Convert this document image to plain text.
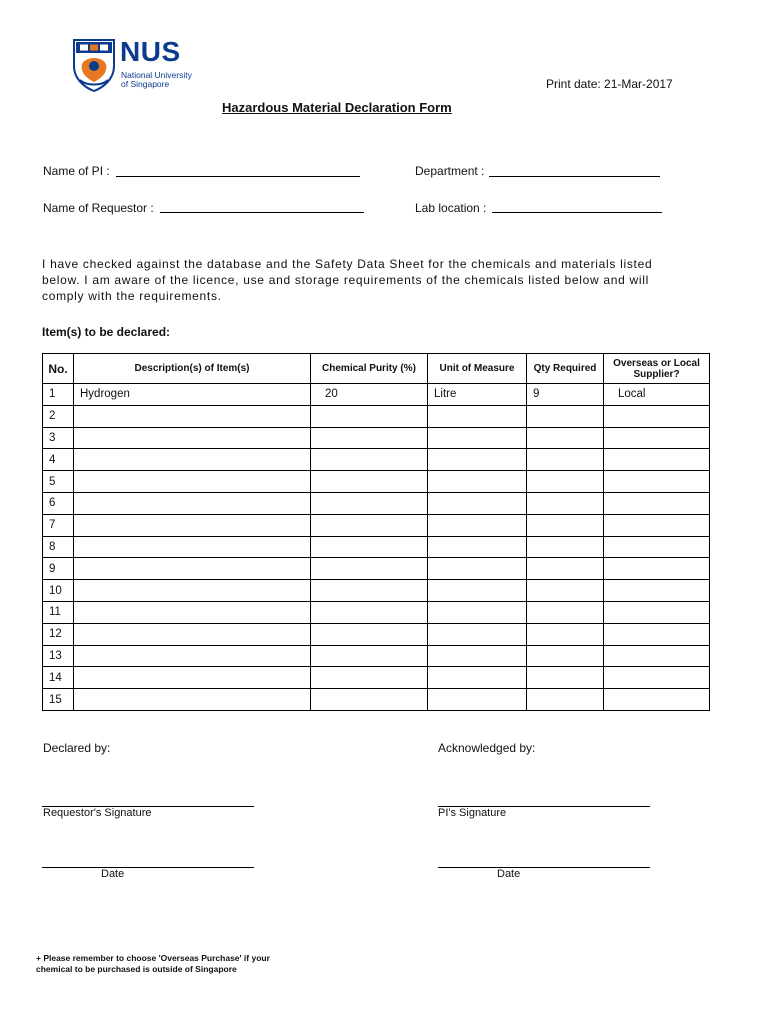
NUS
National University
of Singapore	Print date: 21-Mar-2017
Hazardous Material Declaration Form
Name of PI :	Department :
Name of Requestor :	Lab location :
I have checked against the database and the Safety Data Sheet for the chemicals and materials listed below. I am aware of the licence, use and storage requirements of the chemicals listed below and will comply with the requirements.
Item(s) to be declared:
No.	Description(s) of Item(s)	Chemical Purity (%)	Unit of Measure	Qty Required	Overseas or Local Supplier?
1	Hydrogen	20	Litre	9	Local
2					
3					
4					
5					
6					
7					
8					
9					
10					
11					
12					
13					
14					
15					
Declared by:	Acknowledged by:
Requestor's Signature	PI's Signature
Date	Date
+ Please remember to choose 'Overseas Purchase' if your
chemical to be purchased is outside of Singapore
